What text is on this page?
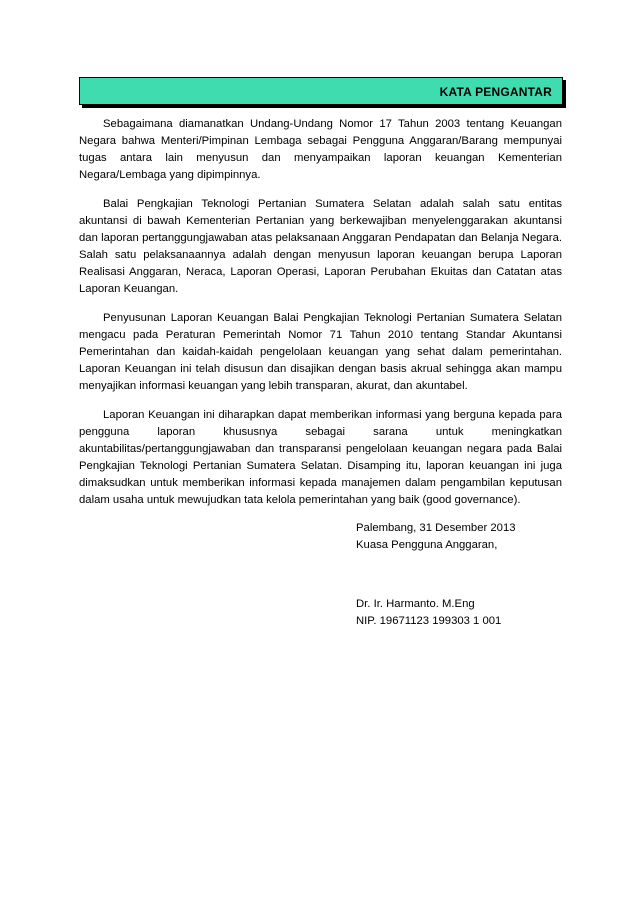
KATA PENGANTAR

Sebagaimana diamanatkan Undang-Undang Nomor 17 Tahun 2003 tentang Keuangan Negara bahwa Menteri/Pimpinan Lembaga sebagai Pengguna Anggaran/Barang mempunyai tugas antara lain menyusun dan menyampaikan laporan keuangan Kementerian Negara/Lembaga yang dipimpinnya.

Balai Pengkajian Teknologi Pertanian Sumatera Selatan adalah salah satu entitas akuntansi di bawah Kementerian Pertanian yang berkewajiban menyelenggarakan akuntansi dan laporan pertanggungjawaban atas pelaksanaan Anggaran Pendapatan dan Belanja Negara. Salah satu pelaksanaannya adalah dengan menyusun laporan keuangan berupa Laporan Realisasi Anggaran, Neraca, Laporan Operasi, Laporan Perubahan Ekuitas dan Catatan atas Laporan Keuangan.

Penyusunan Laporan Keuangan Balai Pengkajian Teknologi Pertanian Sumatera Selatan mengacu pada Peraturan Pemerintah Nomor 71 Tahun 2010 tentang Standar Akuntansi Pemerintahan dan kaidah-kaidah pengelolaan keuangan yang sehat dalam pemerintahan. Laporan Keuangan ini telah disusun dan disajikan dengan basis akrual sehingga akan mampu menyajikan informasi keuangan yang lebih transparan, akurat, dan akuntabel.

Laporan Keuangan ini diharapkan dapat memberikan informasi yang berguna kepada para pengguna laporan khususnya sebagai sarana untuk meningkatkan akuntabilitas/pertanggungjawaban dan transparansi pengelolaan keuangan negara pada Balai Pengkajian Teknologi Pertanian Sumatera Selatan. Disamping itu, laporan keuangan ini juga dimaksudkan untuk memberikan informasi kepada manajemen dalam pengambilan keputusan dalam usaha untuk mewujudkan tata kelola pemerintahan yang baik (good governance).

Palembang, 31 Desember 2013
Kuasa Pengguna Anggaran,
Dr. Ir. Harmanto. M.Eng
NIP. 19671123 199303 1 001
